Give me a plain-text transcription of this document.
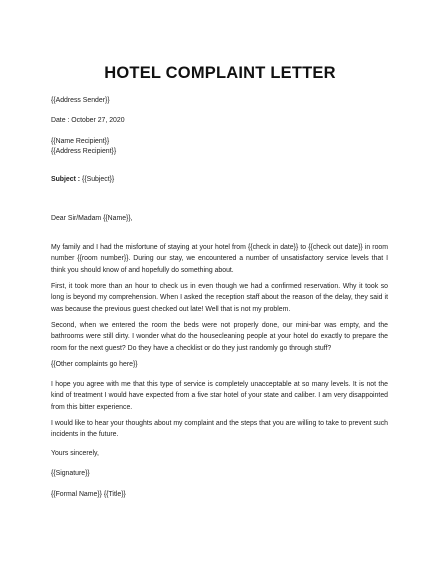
HOTEL COMPLAINT LETTER
{{Address Sender}}
Date : October 27, 2020
{{Name Recipient}}
{{Address Recipient}}
Subject : {{Subject}}
Dear Sir/Madam {{Name}},
My family and I had the misfortune of staying at your hotel from {{check in date}} to {{check out date}} in room number {{room number}}. During our stay, we encountered a number of unsatisfactory service levels that I think you should know of and hopefully do something about.
First, it took more than an hour to check us in even though we had a confirmed reservation. Why it took so long is beyond my comprehension. When I asked the reception staff about the reason of the delay, they said it was because the previous guest checked out late! Well that is not my problem.
Second, when we entered the room the beds were not properly done, our mini-bar was empty, and the bathrooms were still dirty. I wonder what do the housecleaning people at your hotel do exactly to prepare the room for the next guest? Do they have a checklist or do they just randomly go through stuff?
{{Other complaints go here}}
I hope you agree with me that this type of service is completely unacceptable at so many levels. It is not the kind of treatment I would have expected from a five star hotel of your state and caliber. I am very disappointed from this bitter experience.
I would like to hear your thoughts about my complaint and the steps that you are willing to take to prevent such incidents in the future.
Yours sincerely,
{{Signature}}
{{Formal Name}} {{Title}}
